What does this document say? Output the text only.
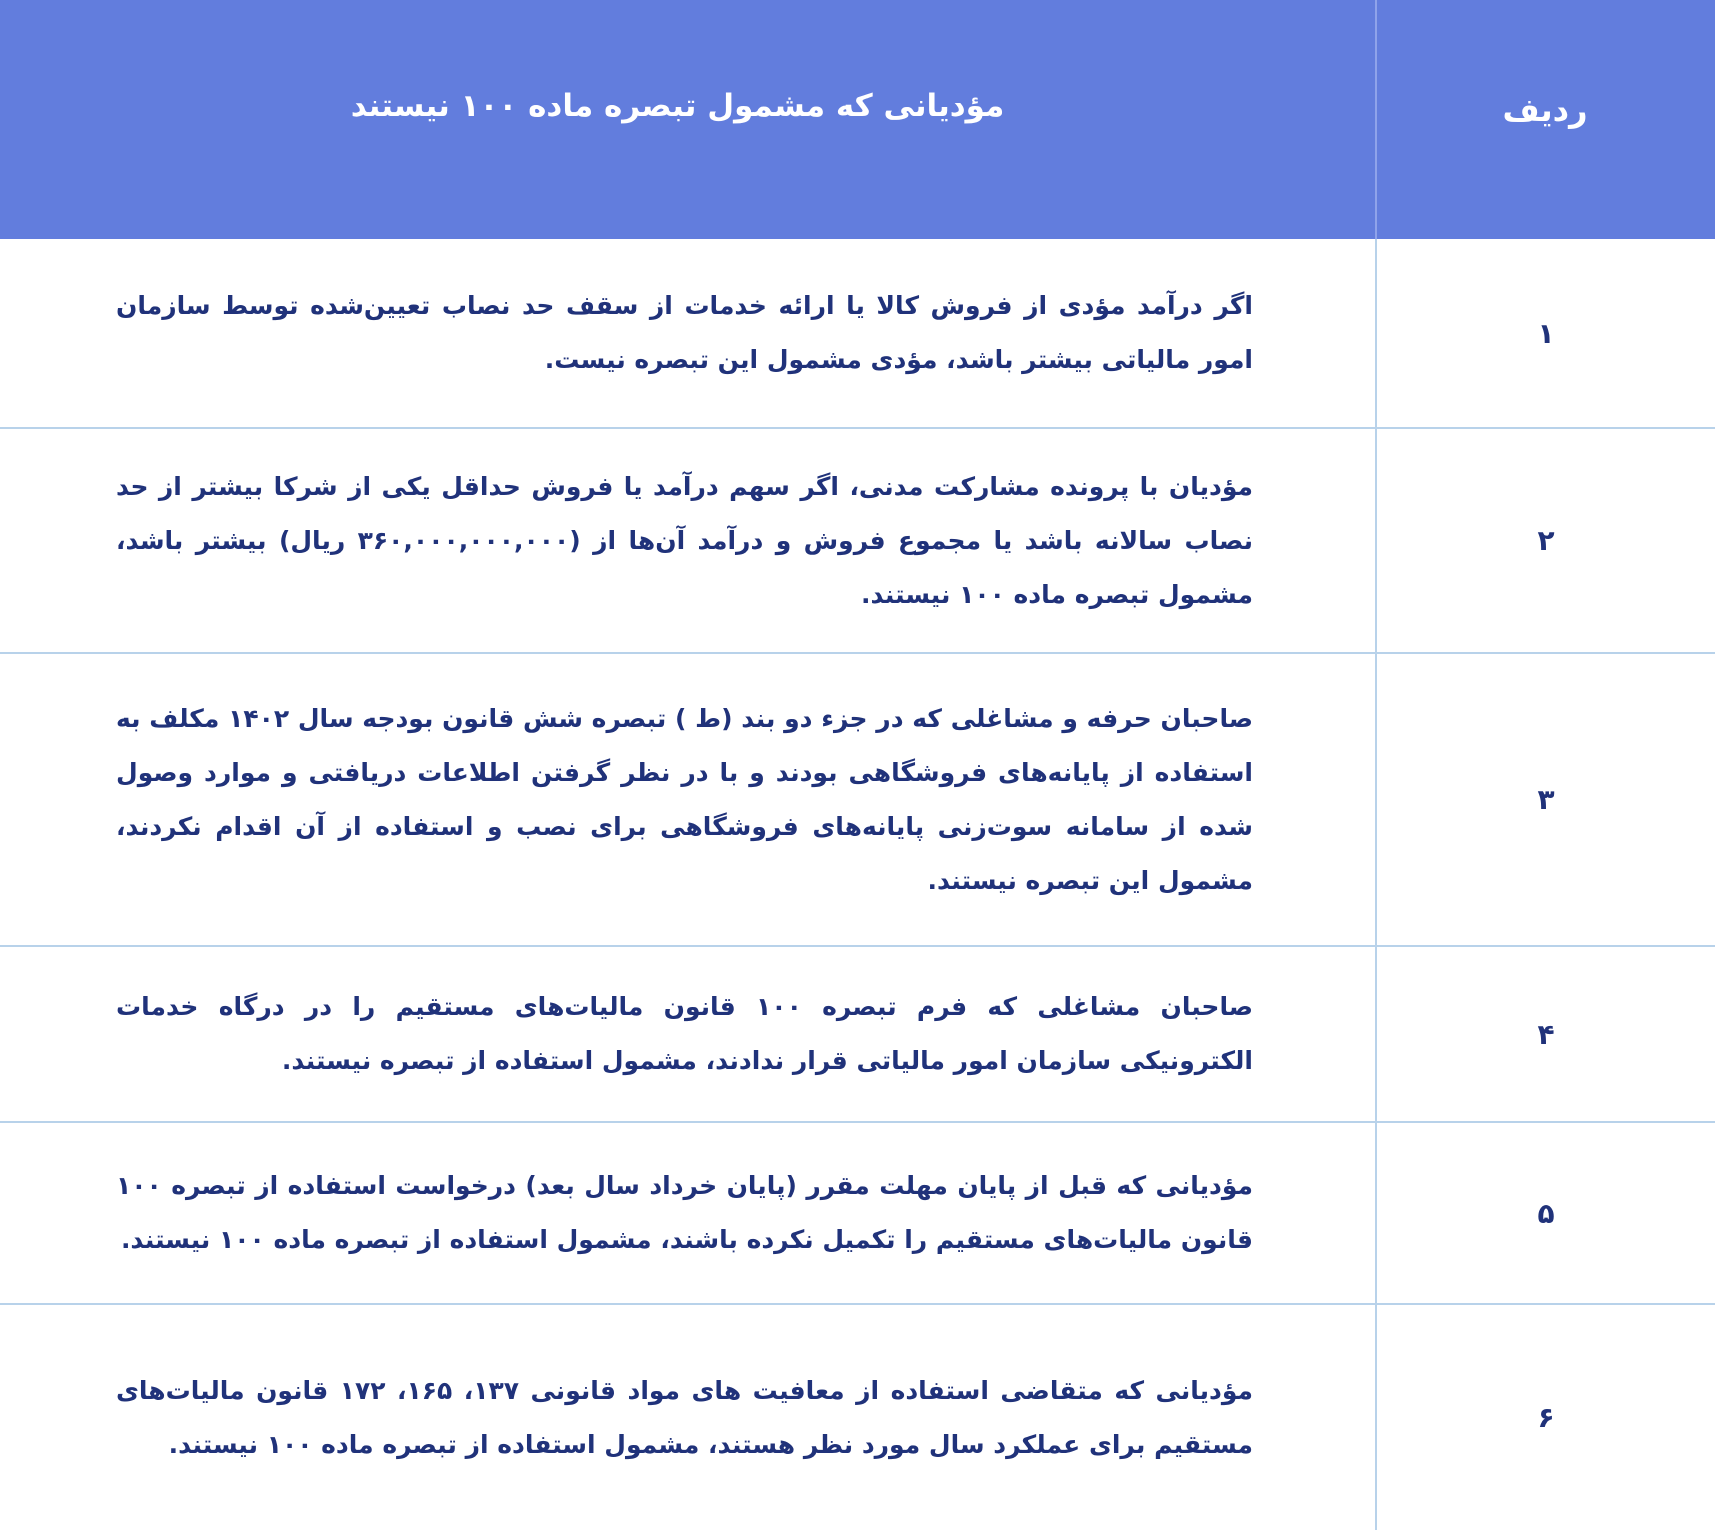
ردیف
مؤدیانی که مشمول تبصره ماده ۱۰۰ نیستند
۱
اگر درآمد مؤدی از فروش کالا یا ارائه خدمات از سقف حد نصاب تعیین‌شده توسط سازمان امور مالیاتی بیشتر باشد، مؤدی مشمول این تبصره نیست.
۲
مؤدیان با پرونده مشارکت مدنی، اگر سهم درآمد یا فروش حداقل یکی از شرکا بیشتر از حد نصاب سالانه باشد یا مجموع فروش و درآمد آن‌ها از (۳۶۰,۰۰۰,۰۰۰,۰۰۰ ریال) بیشتر باشد، مشمول تبصره ماده ۱۰۰ نیستند.
۳
صاحبان حرفه و مشاغلی که در جزء دو بند (ط ) تبصره شش قانون بودجه سال ۱۴۰۲ مکلف به استفاده از پایانه‌های فروشگاهی بودند و با در نظر گرفتن اطلاعات دریافتی و موارد وصول شده از سامانه سوت‌زنی پایانه‌های فروشگاهی برای نصب و استفاده از آن اقدام نکردند، مشمول این تبصره نیستند.
۴
صاحبان مشاغلی که فرم تبصره ۱۰۰ قانون مالیات‌های مستقیم را در درگاه خدمات الکترونیکی سازمان امور مالیاتی قرار ندادند، مشمول استفاده از تبصره نیستند.
۵
مؤدیانی که قبل از پایان مهلت مقرر (پایان خرداد سال بعد) درخواست استفاده از تبصره ۱۰۰ قانون مالیات‌های مستقیم را تکمیل نکرده باشند، مشمول استفاده از تبصره ماده ۱۰۰ نیستند.
۶
مؤدیانی که متقاضی استفاده از معافیت های مواد قانونی ۱۳۷، ۱۶۵، ۱۷۲ قانون مالیات‌های مستقیم برای عملکرد سال مورد نظر هستند، مشمول استفاده از تبصره ماده ۱۰۰ نیستند.
